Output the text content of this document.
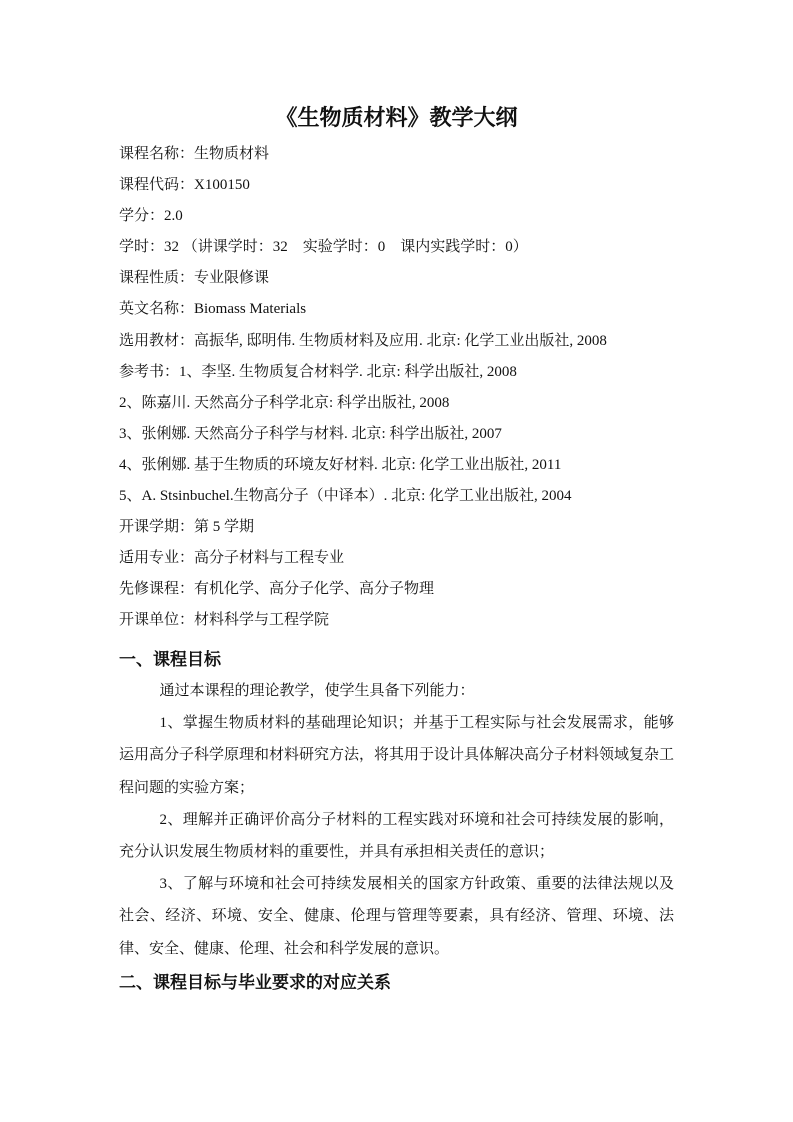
《生物质材料》教学大纲
课程名称：生物质材料
课程代码：X100150
学分：2.0
学时：32 （讲课学时：32　实验学时：0　课内实践学时：0）
课程性质：专业限修课
英文名称：Biomass Materials
选用教材：高振华, 邸明伟. 生物质材料及应用. 北京: 化学工业出版社, 2008
参考书：1、李坚. 生物质复合材料学. 北京: 科学出版社, 2008
2、陈嘉川. 天然高分子科学北京: 科学出版社, 2008
3、张俐娜. 天然高分子科学与材料. 北京: 科学出版社, 2007
4、张俐娜. 基于生物质的环境友好材料. 北京: 化学工业出版社, 2011
5、A. Stsinbuchel.生物高分子（中译本）. 北京: 化学工业出版社, 2004
开课学期：第 5 学期
适用专业：高分子材料与工程专业
先修课程：有机化学、高分子化学、高分子物理
开课单位：材料科学与工程学院
一、课程目标

通过本课程的理论教学，使学生具备下列能力：

1、掌握生物质材料的基础理论知识；并基于工程实际与社会发展需求，能够运用高分子科学原理和材料研究方法，将其用于设计具体解决高分子材料领域复杂工程问题的实验方案；

2、理解并正确评价高分子材料的工程实践对环境和社会可持续发展的影响，充分认识发展生物质材料的重要性，并具有承担相关责任的意识；

3、了解与环境和社会可持续发展相关的国家方针政策、重要的法律法规以及社会、经济、环境、安全、健康、伦理与管理等要素，具有经济、管理、环境、法律、安全、健康、伦理、社会和科学发展的意识。

二、课程目标与毕业要求的对应关系
